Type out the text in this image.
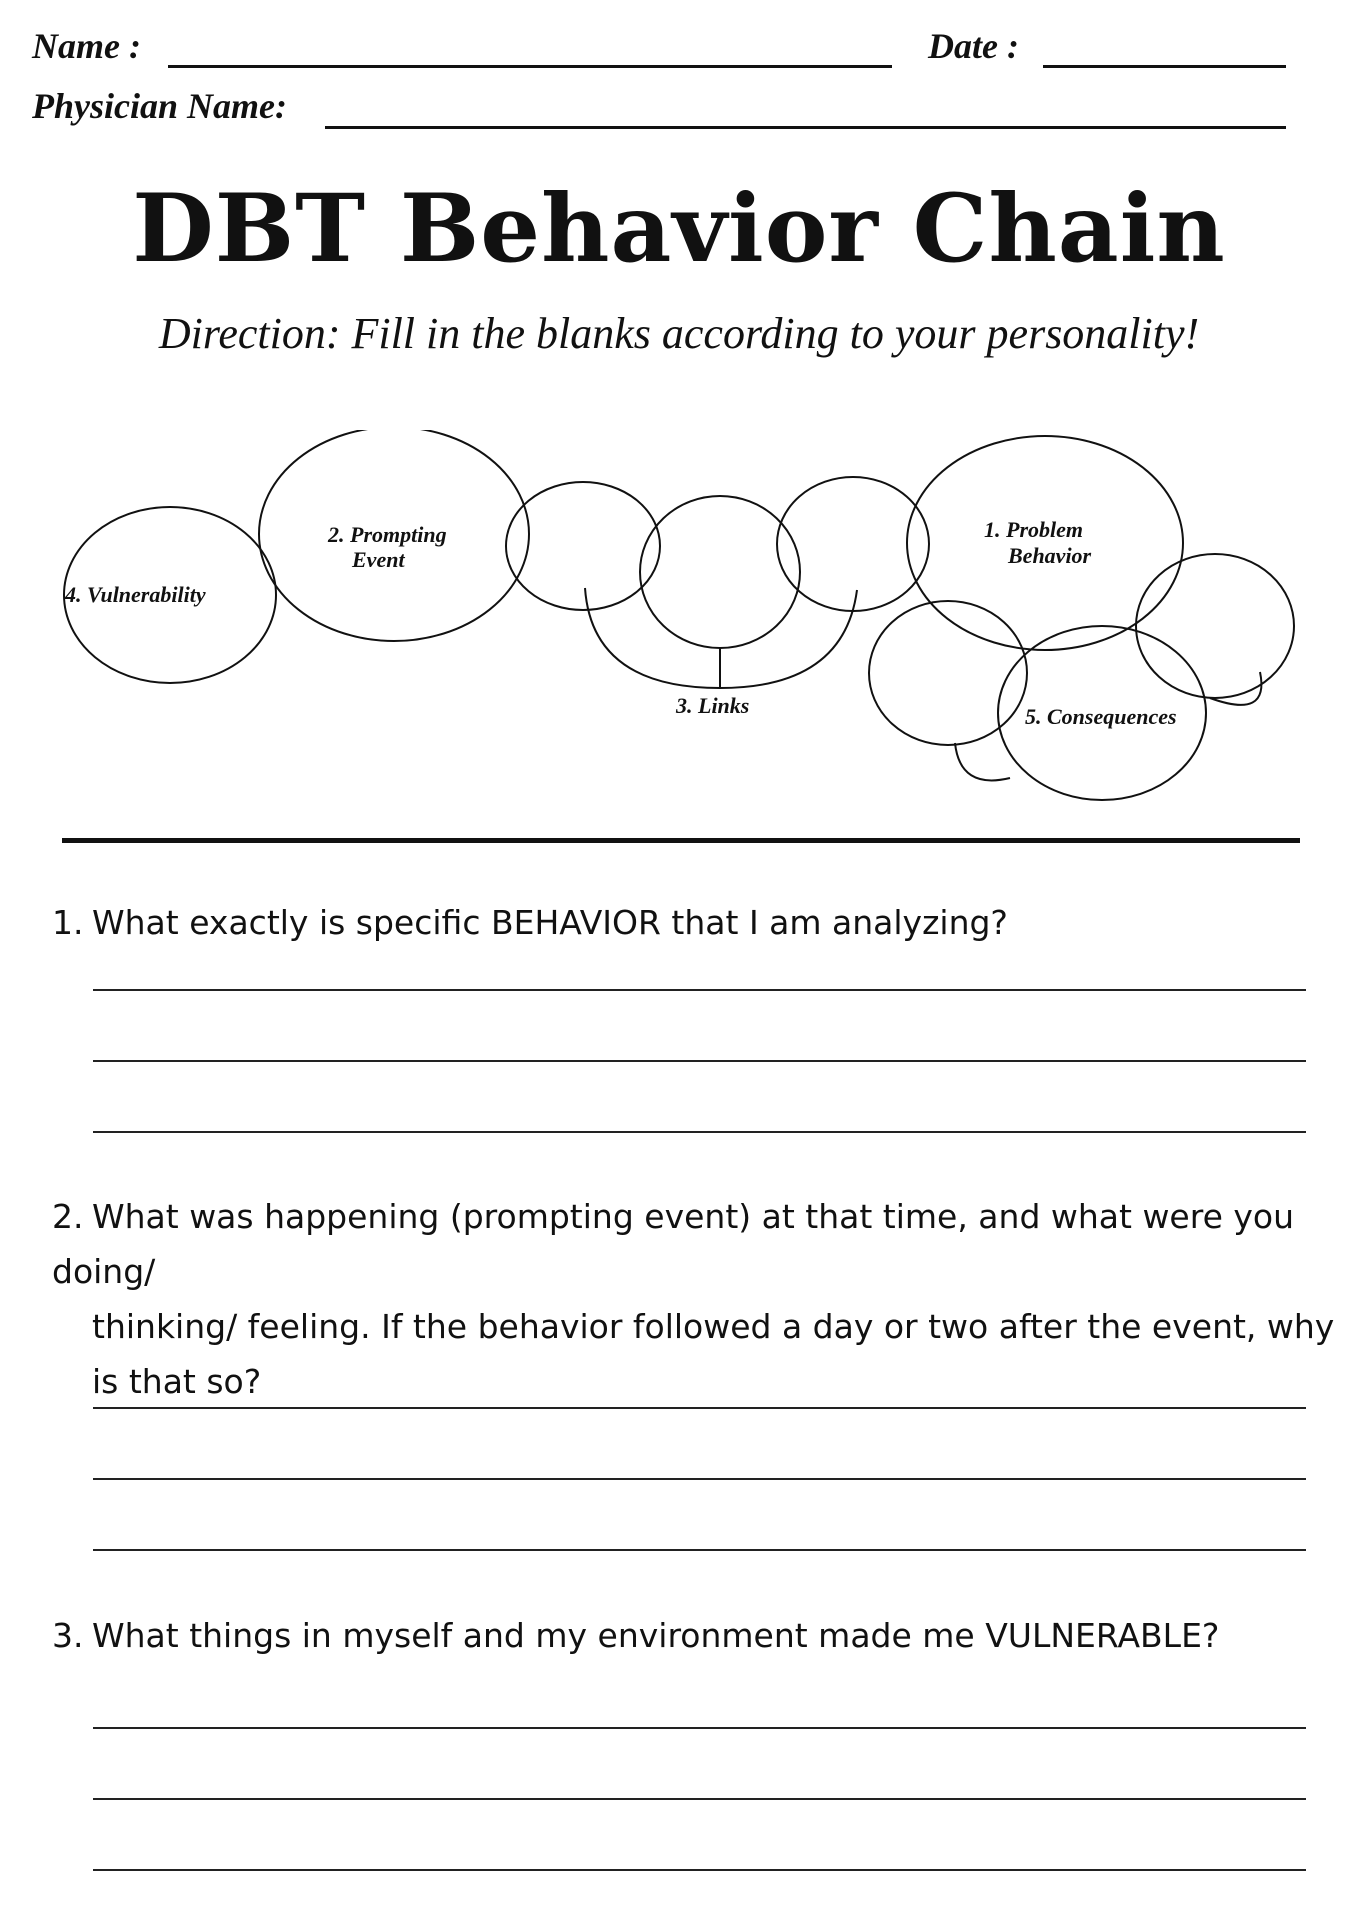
Name :	Date :
Physician Name:
DBT Behavior Chain
Direction: Fill in the blanks according to your personality!
4. Vulnerability
2. Prompting
Event
3. Links
1. Problem
Behavior
5. Consequences
1. What exactly is specific BEHAVIOR that I am analyzing?
2. What was happening (prompting event) at that time, and what were you doing/
thinking/ feeling. If the behavior followed a day or two after the event, why
is that so?
3. What things in myself and my environment made me VULNERABLE?
